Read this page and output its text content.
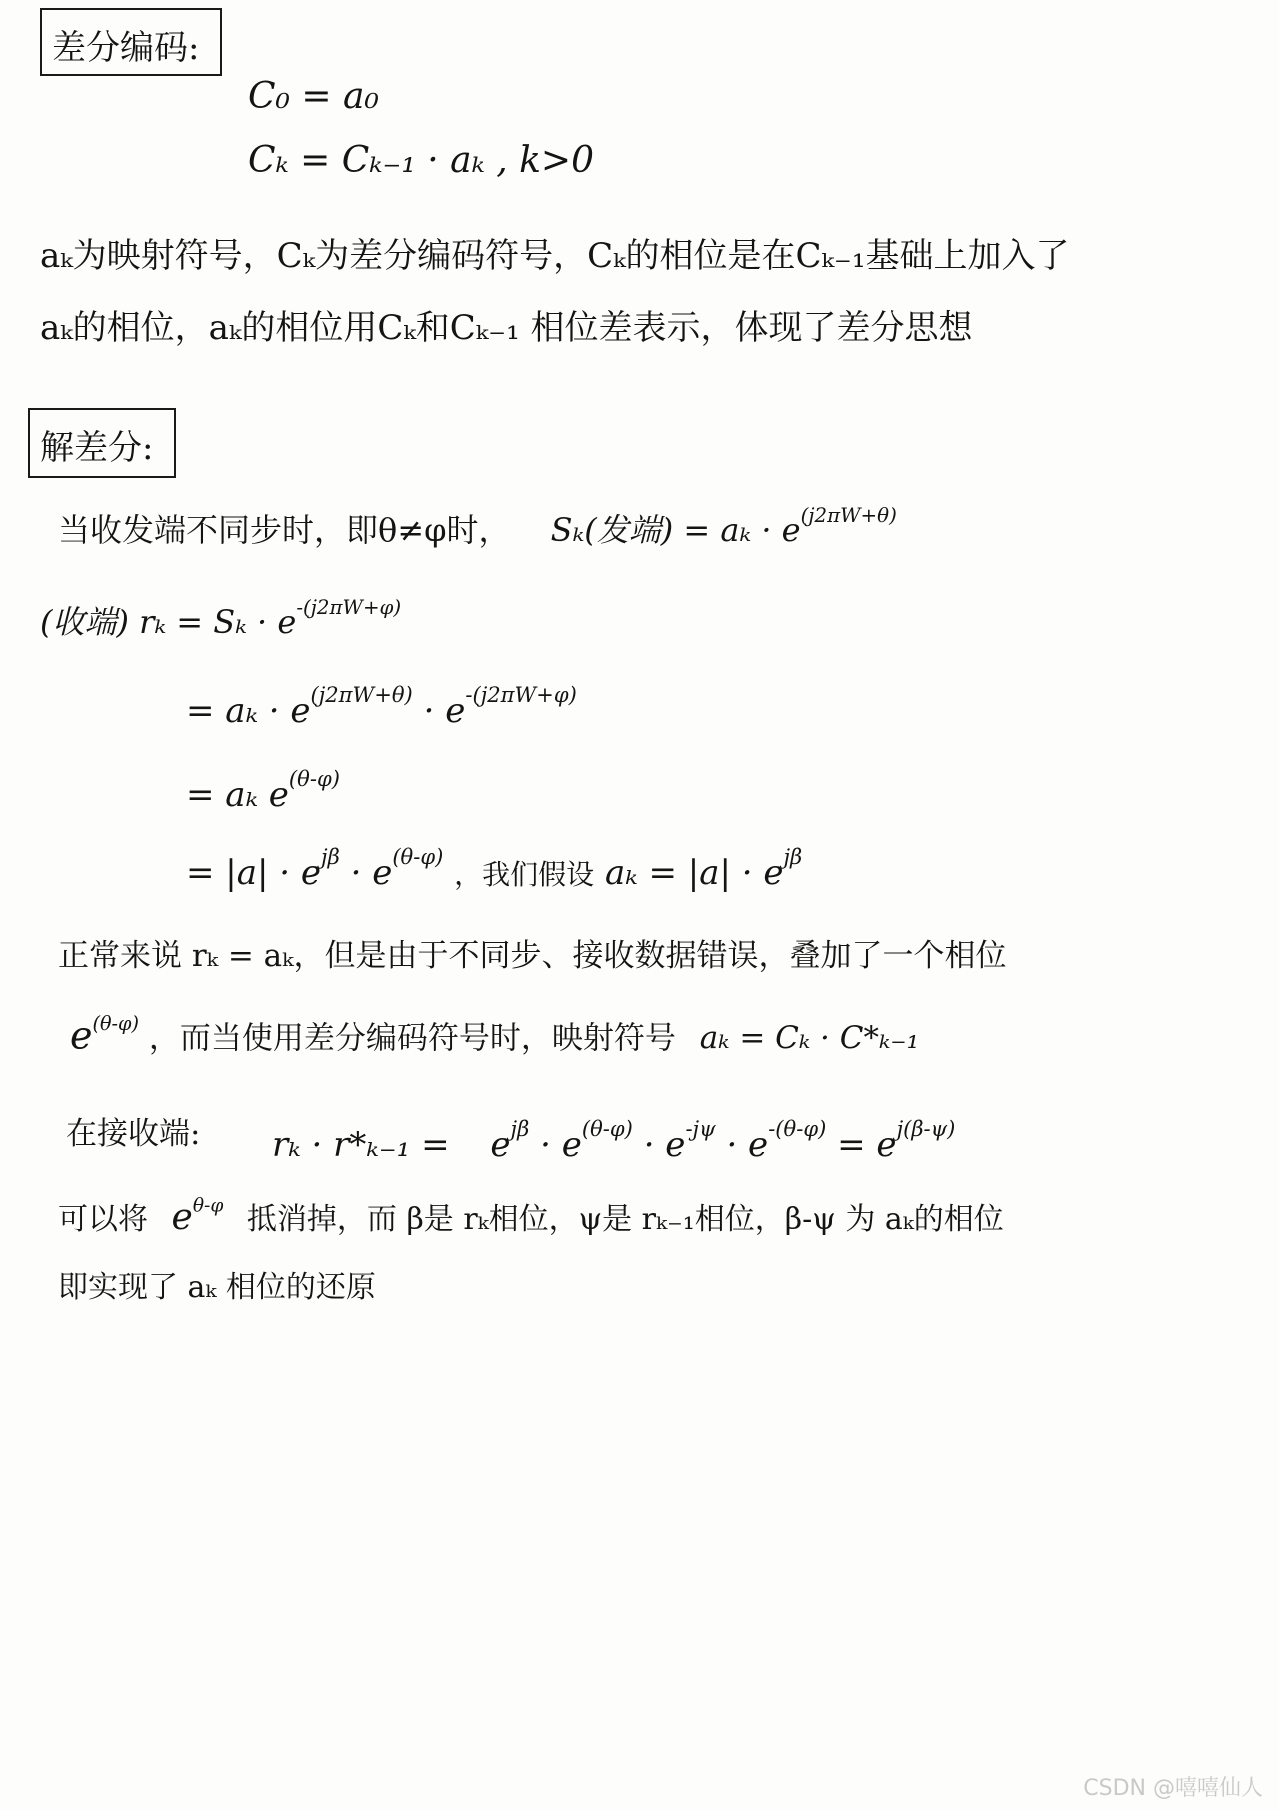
差分编码:
C₀ = a₀
Cₖ = Cₖ₋₁ · aₖ , k>0
aₖ为映射符号，Cₖ为差分编码符号，Cₖ的相位是在Cₖ₋₁基础上加入了
aₖ的相位，aₖ的相位用Cₖ和Cₖ₋₁ 相位差表示，体现了差分思想
解差分:
当收发端不同步时，即θ≠φ时， Sₖ(发端) = $a_k \cdot e^{(j2\pi W+\theta)}$
(收端) $r_k = S_k \cdot e^{-(j2\pi W+\varphi)}$
= $a_k \cdot e^{(j2\pi W+\theta)} \cdot e^{-(j2\pi W+\varphi)}$
= aₖ $e^{(\theta-\varphi)}$
= $|a| \cdot e^{j\beta} \cdot e^{(\theta-\varphi)}$ ，我们假设 $a_k = |a| \cdot e^{j\beta}$
正常来说 rₖ = aₖ，但是由于不同步、接收数据错误，叠加了一个相位
$e^{(\theta-\varphi)}$ ，而当使用差分编码符号时，映射符号 aₖ = Cₖ · C*ₖ₋₁
在接收端: $r_k \cdot r*_{k-1} = e^{j\beta} \cdot e^{(\theta-\varphi)} \cdot e^{-j\psi} \cdot e^{-(\theta-\varphi)} = e^{j(\beta-\psi)}$
可以将 $e^{\theta-\varphi}$ 抵消掉，而 β是 rₖ相位，ψ是 rₖ₋₁相位，β-ψ 为 aₖ的相位
即实现了 aₖ 相位的还原
CSDN @嘻嘻仙人
